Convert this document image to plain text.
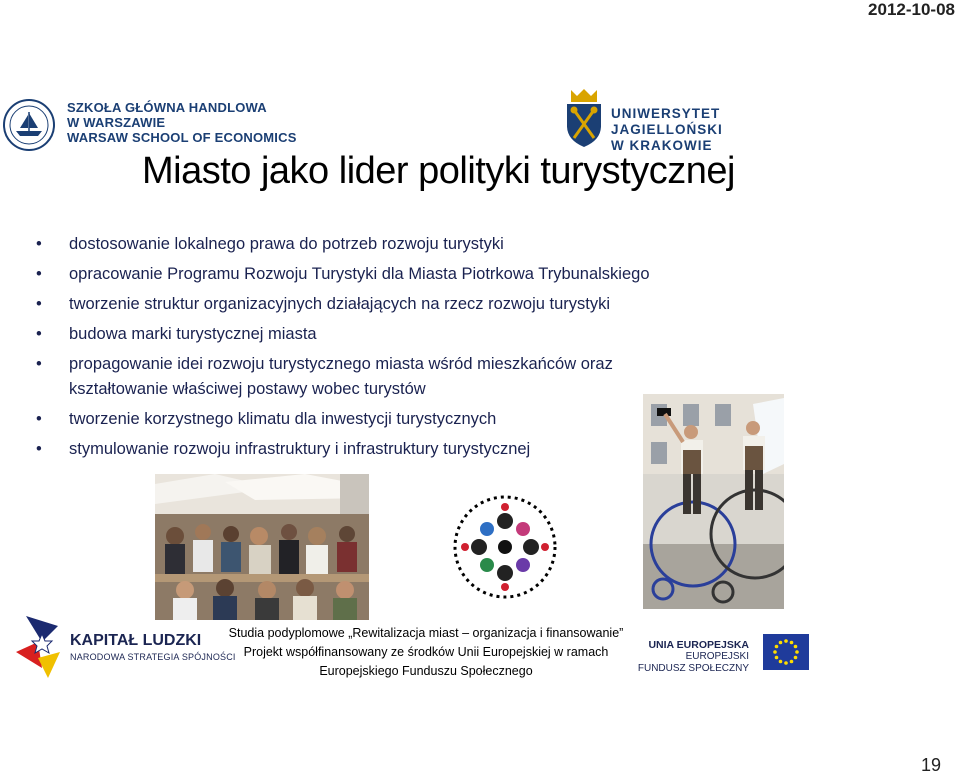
2012-10-08
SZKOŁA GŁÓWNA HANDLOWA
W WARSZAWIE
WARSAW SCHOOL OF ECONOMICS
UNIWERSYTET JAGIELLOŃSKI
W KRAKOWIE
Miasto jako lider polityki turystycznej
• dostosowanie lokalnego prawa do potrzeb rozwoju turystyki
• opracowanie Programu Rozwoju Turystyki dla Miasta Piotrkowa Trybunalskiego
• tworzenie struktur organizacyjnych działających na rzecz rozwoju turystyki
• budowa marki turystycznej miasta
• propagowanie idei rozwoju turystycznego miasta wśród mieszkańców oraz kształtowanie właściwej postawy wobec turystów
• tworzenie korzystnego klimatu dla inwestycji turystycznych
• stymulowanie rozwoju infrastruktury i infrastruktury turystycznej
KAPITAŁ LUDZKI
NARODOWA STRATEGIA SPÓJNOŚCI
Studia podyplomowe „Rewitalizacja miast – organizacja i finansowanie”
Projekt współfinansowany ze środków Unii Europejskiej w ramach
Europejskiego Funduszu Społecznego
UNIA EUROPEJSKA
EUROPEJSKI
FUNDUSZ SPOŁECZNY
19
